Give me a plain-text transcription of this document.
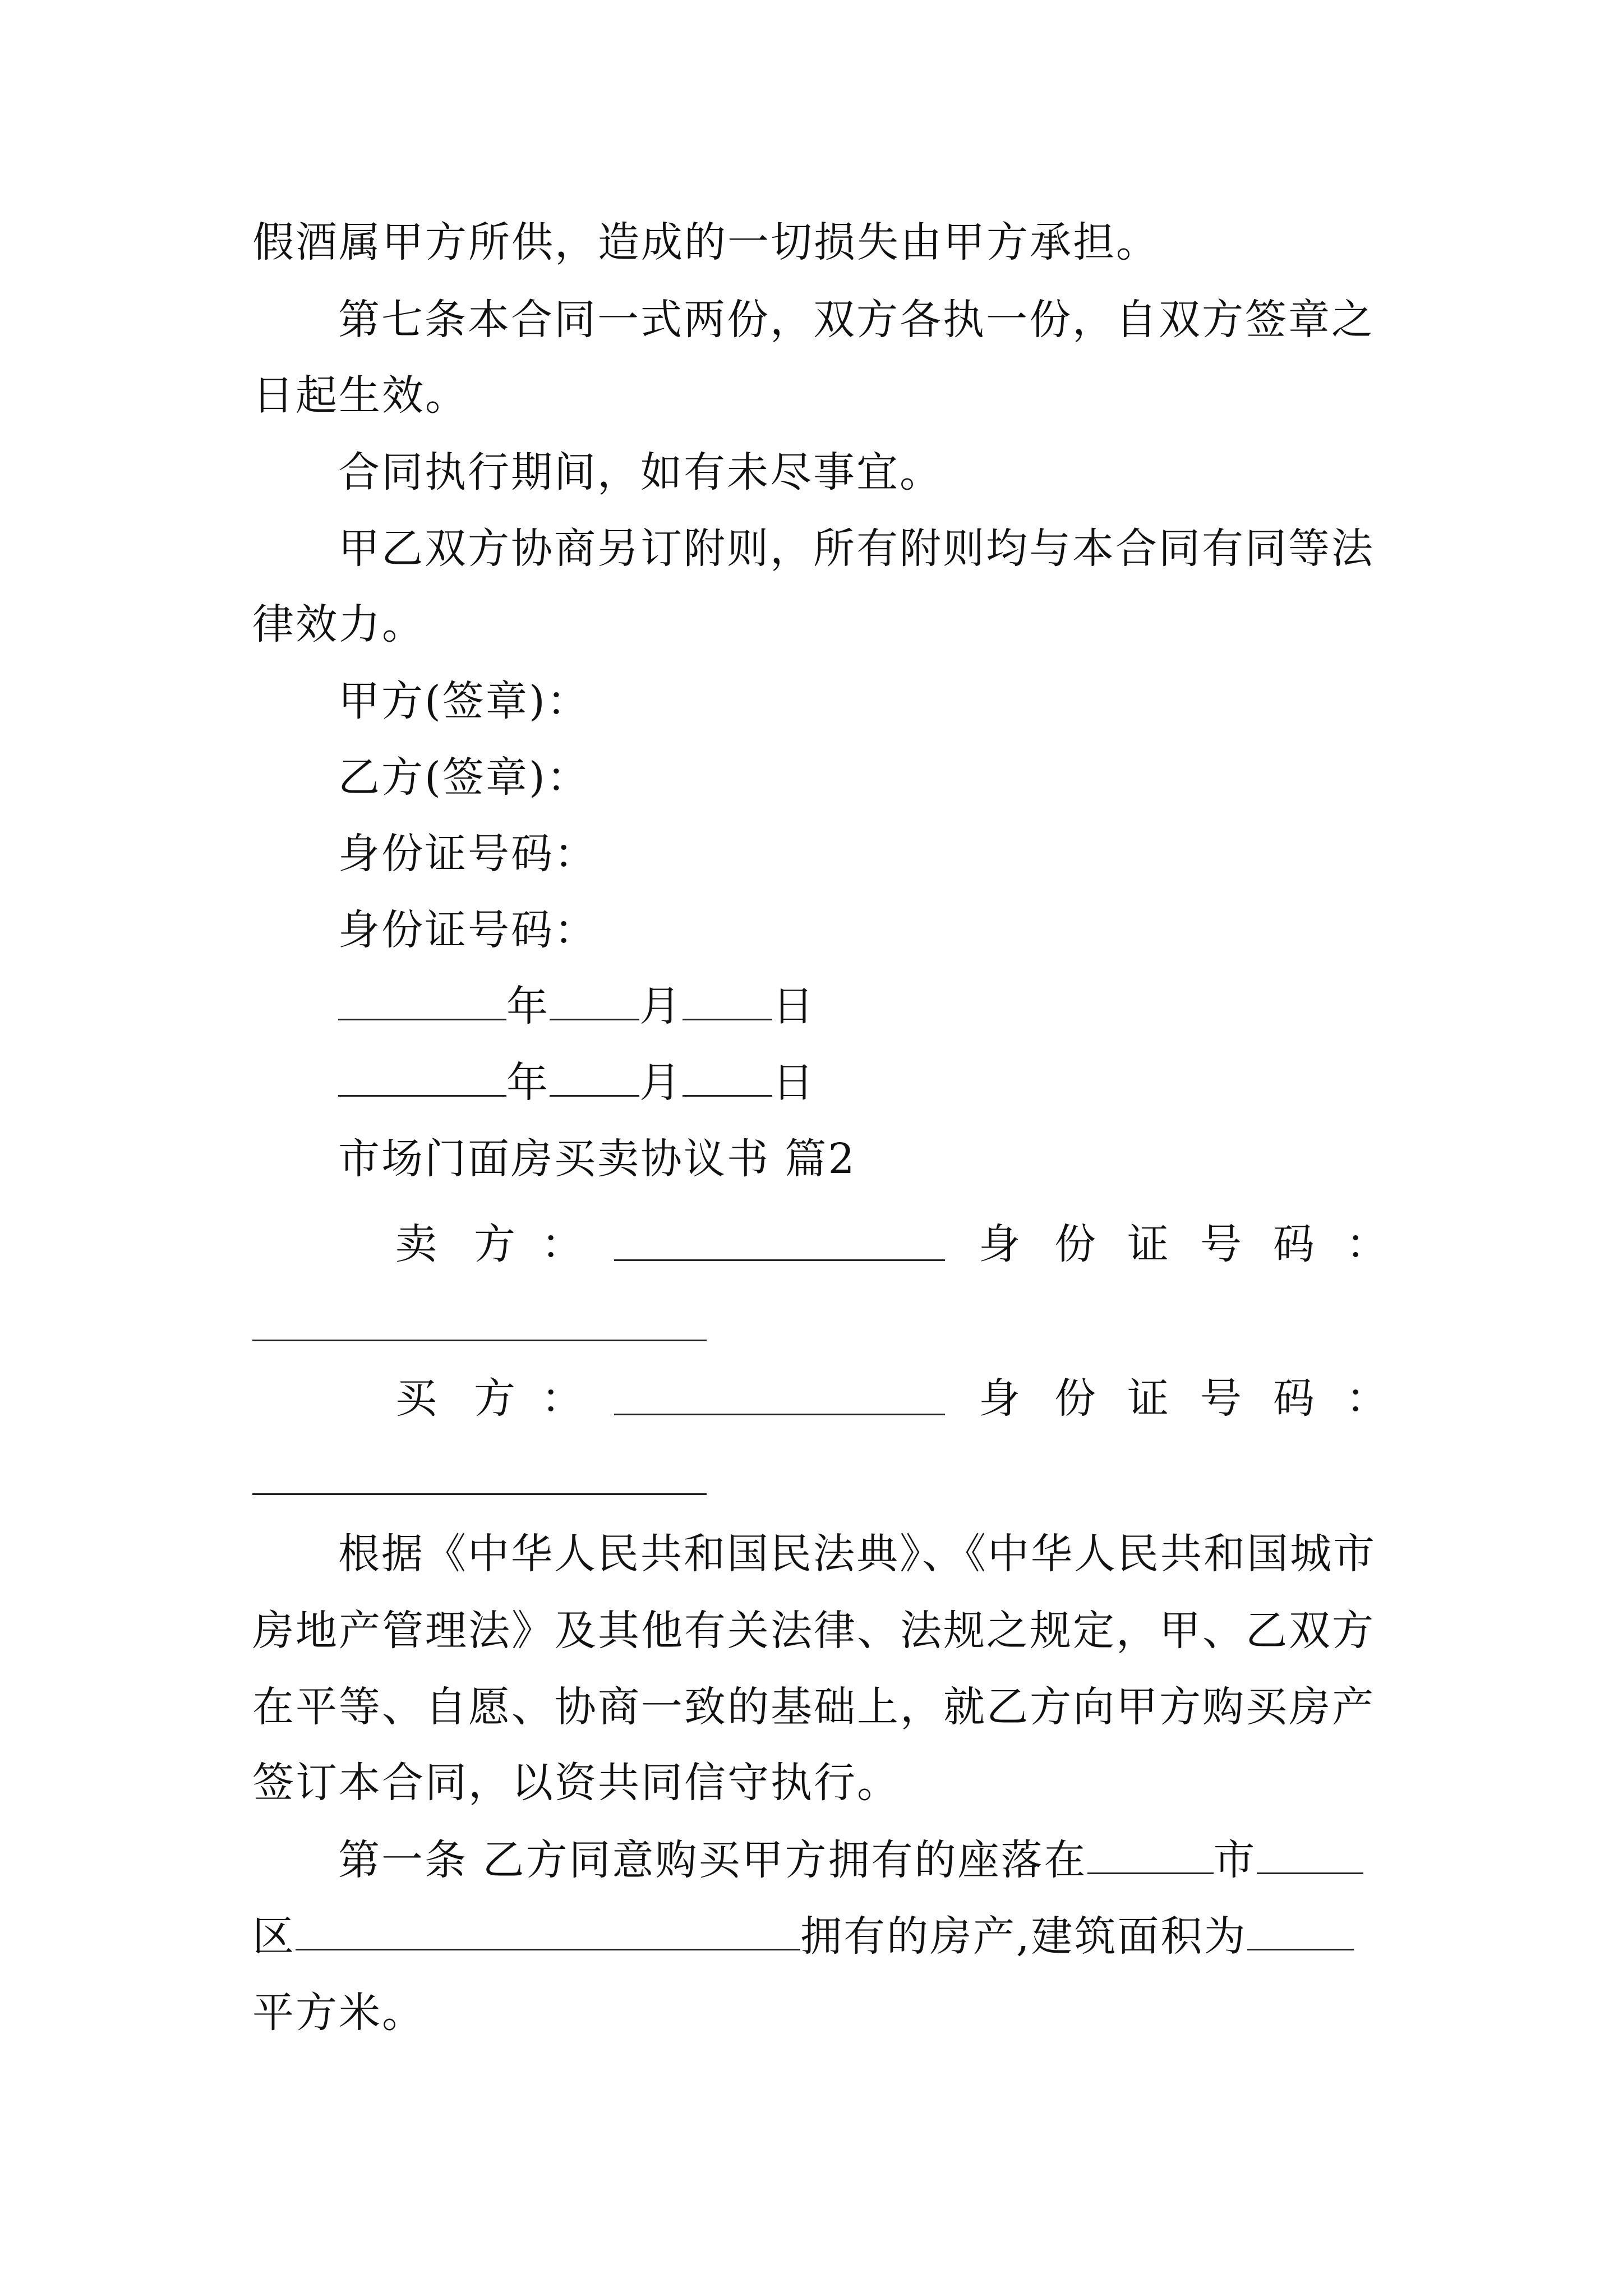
假酒属甲方所供，造成的一切损失由甲方承担。
第七条本合同一式两份，双方各执一份，自双方签章之
日起生效。
合同执行期间，如有未尽事宜。
甲乙双方协商另订附则，所有附则均与本合同有同等法
律效力。
甲方(签章)：
乙方(签章)：
身份证号码：
身份证号码：
年 月 日
年 月 日
市场门面房买卖协议书 篇2
卖 方 ：	身 份 证 号 码 ：
买 方 ：	身 份 证 号 码 ：
根据《中华人民共和国民法典》、《中华人民共和国城市
房地产管理法》及其他有关法律、法规之规定，甲、乙双方
在平等、自愿、协商一致的基础上，就乙方向甲方购买房产
签订本合同，以资共同信守执行。
第一条 乙方同意购买甲方拥有的座落在	市
区	拥有的房产,建筑面积为
平方米。
